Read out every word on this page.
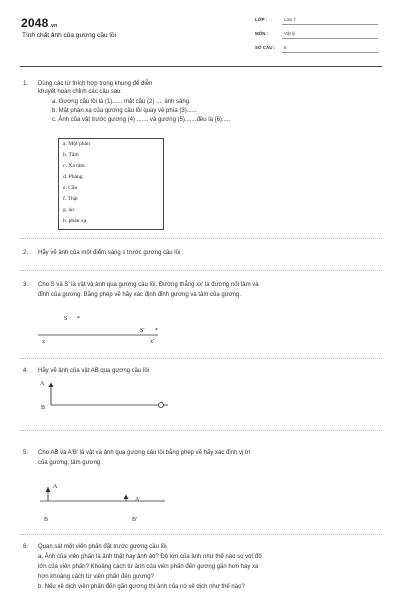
2048.vn
Tính chất ảnh của gương cầu lồi
LỚP :	Lớp 7
MÔN :	Vật lý
SỐ CÂU : 6
1. Dùng các từ thích hợp trong khung để diễn
khuyết hoàn chỉnh các câu sau:
a. Gương cầu lồi là (1)...... mặt cầu (2) .... ảnh sáng.
b. Mặt phản xạ của gương cầu lồi quay về phía (3)......
c. Ảnh của vật trước gương (4) ....... và gương (5).......đều là (6).....
a. Một phần
b. Tâm
c. Xa tâm
d. Phẳng
e. Cầu
f. Thật
g. ảo
h. phản xạ
2. Hãy vẽ ảnh của một điểm sáng s trước gương cầu lồi
3. Cho S và S' là vật và ảnh qua gương cầu lồi. Đường thẳng xx' là đường nối tâm và
đỉnh của gương. Bằng phép vẽ hãy xác định đỉnh gương và tâm của gương.
S *
S' *
x	x'
4. Hãy vẽ ảnh của vật AB qua gương cầu lồi
A
B
5. Cho AB và A'B' là vật và ảnh qua gương cầu lồi bằng phép vẽ hãy xác định vị trí
của gương, tâm gương
A
A'
B	B'
6. Quan sát một viên phấn đặt trước gương cầu lồi
a. Ảnh của viên phấn là ảnh thật hay ảnh ảo? Độ lớn của ảnh như thế nào so với độ
lớn của viên phấn? Khoảng cách từ ảnh của viên phấn đến gương gần hơn hay xa
hơn khoảng cách từ viên phấn đến gương?
b. Nếu xê dịch viên phấn đến gần gương thì ảnh của nó xê dịch như thế nào?
